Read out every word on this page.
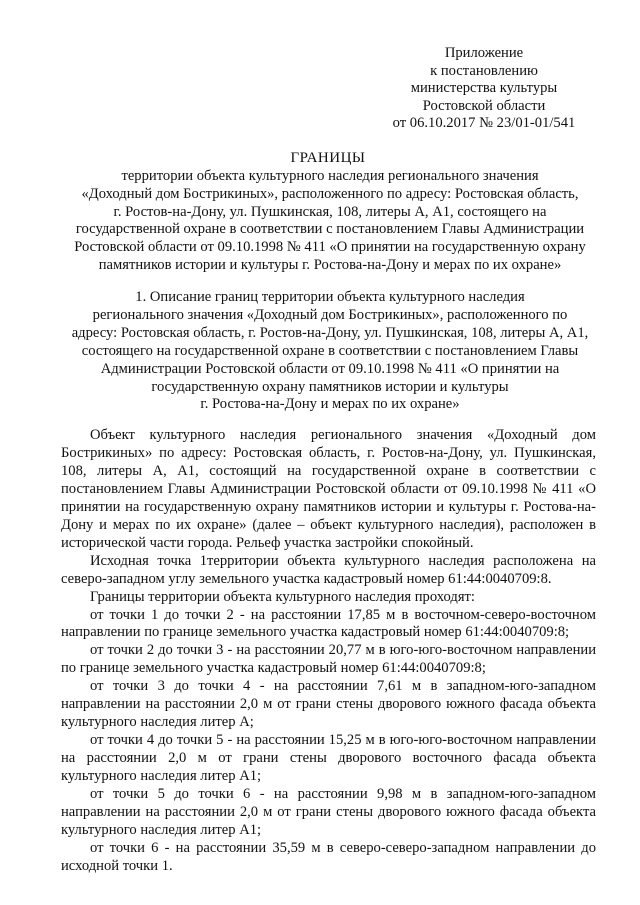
Приложение
к постановлению
министерства культуры
Ростовской области
от 06.10.2017 № 23/01-01/541
ГРАНИЦЫ
территории объекта культурного наследия регионального значения
«Доходный дом Бострикиных», расположенного по адресу: Ростовская область,
г. Ростов-на-Дону, ул. Пушкинская, 108, литеры А, А1, состоящего на
государственной охране в соответствии с постановлением Главы Администрации
Ростовской области от 09.10.1998 № 411 «О принятии на государственную охрану
памятников истории и культуры г. Ростова-на-Дону и мерах по их охране»
1. Описание границ территории объекта культурного наследия
регионального значения «Доходный дом Бострикиных», расположенного по
адресу: Ростовская область, г. Ростов-на-Дону, ул. Пушкинская, 108, литеры А, А1,
состоящего на государственной охране в соответствии с постановлением Главы
Администрации Ростовской области от 09.10.1998 № 411 «О принятии на
государственную охрану памятников истории и культуры
г. Ростова-на-Дону и мерах по их охране»

Объект культурного наследия регионального значения «Доходный дом Бострикиных» по адресу: Ростовская область, г. Ростов-на-Дону, ул. Пушкинская, 108, литеры А, А1, состоящий на государственной охране в соответствии с постановлением Главы Администрации Ростовской области от 09.10.1998 № 411 «О принятии на государственную охрану памятников истории и культуры г. Ростова-на-Дону и мерах по их охране» (далее – объект культурного наследия), расположен в исторической части города. Рельеф участка застройки спокойный.

Исходная точка 1территории объекта культурного наследия расположена на северо-западном углу земельного участка кадастровый номер 61:44:0040709:8.

Границы территории объекта культурного наследия проходят:

от точки 1 до точки 2 - на расстоянии 17,85 м в восточном-северо-восточном направлении по границе земельного участка кадастровый номер 61:44:0040709:8;

от точки 2 до точки 3 - на расстоянии 20,77 м в юго-юго-восточном направлении по границе земельного участка кадастровый номер 61:44:0040709:8;

от точки 3 до точки 4 - на расстоянии 7,61 м в западном-юго-западном направлении на расстоянии 2,0 м от грани стены дворового южного фасада объекта культурного наследия литер А;

от точки 4 до точки 5 - на расстоянии 15,25 м в юго-юго-восточном направлении на расстоянии 2,0 м от грани стены дворового восточного фасада объекта культурного наследия литер А1;

от точки 5 до точки 6 - на расстоянии 9,98 м в западном-юго-западном направлении на расстоянии 2,0 м от грани стены дворового южного фасада объекта культурного наследия литер А1;

от точки 6 - на расстоянии 35,59 м в северо-северо-западном направлении до исходной точки 1.
